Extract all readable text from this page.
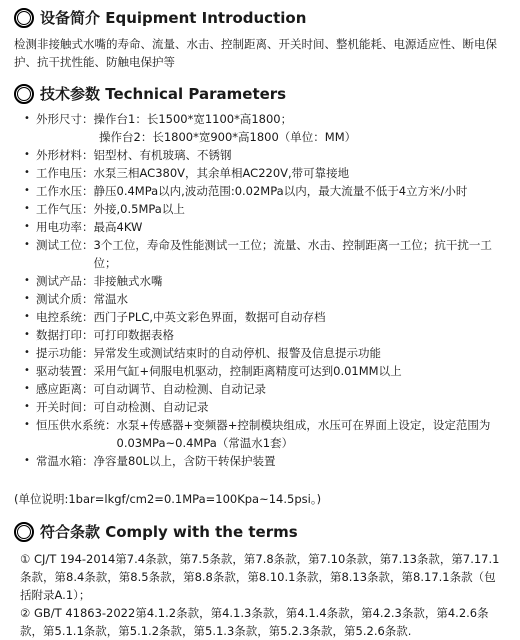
设备简介 Equipment Introduction

检测非接触式水嘴的寿命、流量、水击、控制距离、开关时间、整机能耗、电源适应性、断电保护、抗干扰性能、防触电保护等

技术参数 Technical Parameters
• 外形尺寸： 操作台1：长1500*宽1100*高1800；
操作台2：长1800*宽900*高1800（单位：MM）
• 外形材料： 铝型材、有机玻璃、不锈钢
• 工作电压： 水泵三相AC380V，其余单相AC220V,带可靠接地
• 工作水压： 静压0.4MPa以内,波动范围:0.02MPa以内，最大流量不低于4立方米/小时
• 工作气压： 外接,0.5MPa以上
• 用电功率： 最高4KW
• 测试工位： 3个工位，寿命及性能测试一工位；流量、水击、控制距离一工位；抗干扰一工位；
• 测试产品： 非接触式水嘴
• 测试介质： 常温水
• 电控系统： 西门子PLC,中英文彩色界面，数据可自动存档
• 数据打印： 可打印数据表格
• 提示功能： 异常发生或测试结束时的自动停机、报警及信息提示功能
• 驱动装置： 采用气缸+伺服电机驱动，控制距离精度可达到0.01MM以上
• 感应距离： 可自动调节、自动检测、自动记录
• 开关时间： 可自动检测、自动记录
• 恒压供水系统： 水泵+传感器+变频器+控制模块组成，水压可在界面上设定，设定范围为0.03MPa~0.4MPa（常温水1套）
• 常温水箱： 净容量80L以上，含防干转保护装置

(单位说明:1bar=lkgf/cm2=0.1MPa=100Kpa~14.5psi。)

符合条款 Comply with the terms

① CJ/T 194-2014第7.4条款，第7.5条款，第7.8条款，第7.10条款，第7.13条款，第7.17.1条款，第8.4条款，第8.5条款，第8.8条款，第8.10.1条款，第8.13条款，第8.17.1条款（包括附录A.1）；

② GB/T 41863-2022第4.1.2条款，第4.1.3条款，第4.1.4条款，第4.2.3条款，第4.2.6条款，第5.1.1条款，第5.1.2条款，第5.1.3条款，第5.2.3条款，第5.2.6条款.
